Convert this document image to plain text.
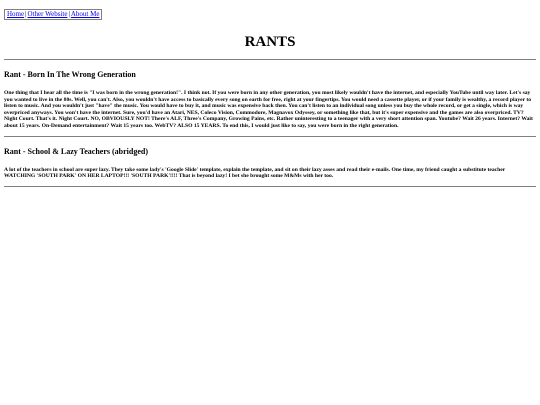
Home|Other Website|About Me
RANTS
Rant - Born In The Wrong Generation

One thing that I hear all the time is "I was born in the wrong generation!". I think not. If you were born in any other generation, you most likely wouldn't have the internet, and especially YouTube until way later. Let's say you wanted to live in the 80s. Well, you can't. Also, you wouldn't have access to basically every song on earth for free, right at your fingertips. You would need a cassette player, or if your family is wealthy, a record player to listen to music. And you wouldn't just "have" the music. You would have to buy it, and music was expensive back then. You can't listen to an individual song unless you buy the whole record, or get a single, which is way overpriced anyways. You won't have the internet. Sure, you'd have an Atari, NES, Coleco Vision, Commodore, Magnavox Odyssey, or something like that, but it's super expensive and the games are also overpriced. TV? Night Court. That's it. Night Court. NO, OBVIOUSLY NOT! There's ALF, Three's Company, Growing Pains, etc. Rather uninteresting to a teenager with a very short attention span. Youtube? Wait 26 years. Internet? Wait about 15 years. On-Demand entertainment? Wait 15 years too. WebTV? ALSO 15 YEARS. To end this, I would just like to say, you were born in the right generation.

Rant - School & Lazy Teachers (abridged)

A lot of the teachers in school are super lazy. They take some lady's 'Google Slide' template, explain the template, and sit on their lazy asses and read their e-mails. One time, my friend caught a substitute teacher WATCHING 'SOUTH PARK' ON HER LAPTOP!!! 'SOUTH PARK'!!!! That is beyond lazy! I bet she brought some M&Ms with her too.
